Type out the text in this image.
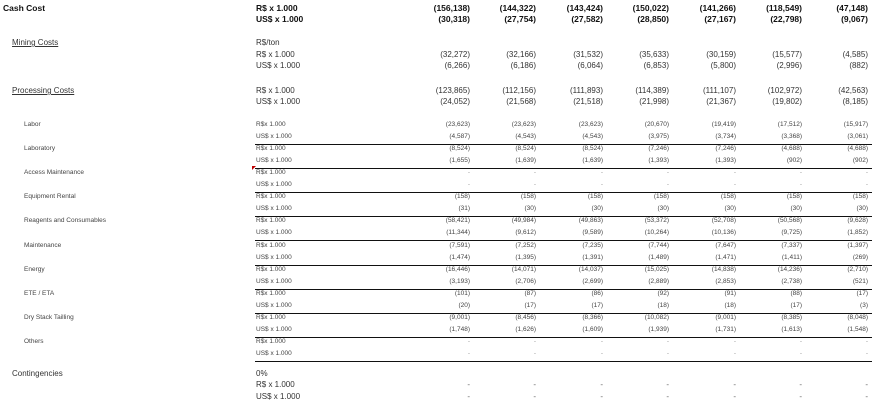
Cash Cost	R$ x 1.000	(156,138)	(144,322)	(143,424)	(150,022)	(141,266)	(118,549)	(47,148)
US$ x 1.000	(30,318)	(27,754)	(27,582)	(28,850)	(27,167)	(22,798)	(9,067)
Mining Costs	R$/ton
R$ x 1.000	(32,272)	(32,166)	(31,532)	(35,633)	(30,159)	(15,577)	(4,585)
US$ x 1.000	(6,266)	(6,186)	(6,064)	(6,853)	(5,800)	(2,996)	(882)
Processing Costs	R$ x 1.000	(123,865)	(112,156)	(111,893)	(114,389)	(111,107)	(102,972)	(42,563)
US$ x 1.000	(24,052)	(21,568)	(21,518)	(21,998)	(21,367)	(19,802)	(8,185)
Labor	R$x 1.000	(23,623)	(23,623)	(23,623)	(20,670)	(19,419)	(17,512)	(15,917)
US$ x 1.000	(4,587)	(4,543)	(4,543)	(3,975)	(3,734)	(3,368)	(3,061)
Laboratory	R$x 1.000	(8,524)	(8,524)	(8,524)	(7,246)	(7,246)	(4,688)	(4,688)
US$ x 1.000	(1,655)	(1,639)	(1,639)	(1,393)	(1,393)	(902)	(902)
Access Maintenance	R$x 1.000	-	-	-	-	-	-	-
US$ x 1.000	-	-	-	-	-	-	-
Equipment Rental	R$x 1.000	(158)	(158)	(158)	(158)	(158)	(158)	(158)
US$ x 1.000	(31)	(30)	(30)	(30)	(30)	(30)	(30)
Reagents and Consumables	R$x 1.000	(58,421)	(49,984)	(49,863)	(53,372)	(52,708)	(50,568)	(9,628)
US$ x 1.000	(11,344)	(9,612)	(9,589)	(10,264)	(10,136)	(9,725)	(1,852)
Maintenance	R$x 1.000	(7,591)	(7,252)	(7,235)	(7,744)	(7,647)	(7,337)	(1,397)
US$ x 1.000	(1,474)	(1,395)	(1,391)	(1,489)	(1,471)	(1,411)	(269)
Energy	R$x 1.000	(16,446)	(14,071)	(14,037)	(15,025)	(14,838)	(14,236)	(2,710)
US$ x 1.000	(3,193)	(2,706)	(2,699)	(2,889)	(2,853)	(2,738)	(521)
ETE / ETA	R$x 1.000	(101)	(87)	(86)	(92)	(91)	(88)	(17)
US$ x 1.000	(20)	(17)	(17)	(18)	(18)	(17)	(3)
Dry Stack Tailling	R$x 1.000	(9,001)	(8,456)	(8,366)	(10,082)	(9,001)	(8,385)	(8,048)
US$ x 1.000	(1,748)	(1,626)	(1,609)	(1,939)	(1,731)	(1,613)	(1,548)
Others	R$x 1.000	-	-	-	-	-	-	-
US$ x 1.000	-	-	-	-	-	-	-
Contingencies	0%
R$ x 1.000	-	-	-	-	-	-	-
US$ x 1.000	-	-	-	-	-	-	-
